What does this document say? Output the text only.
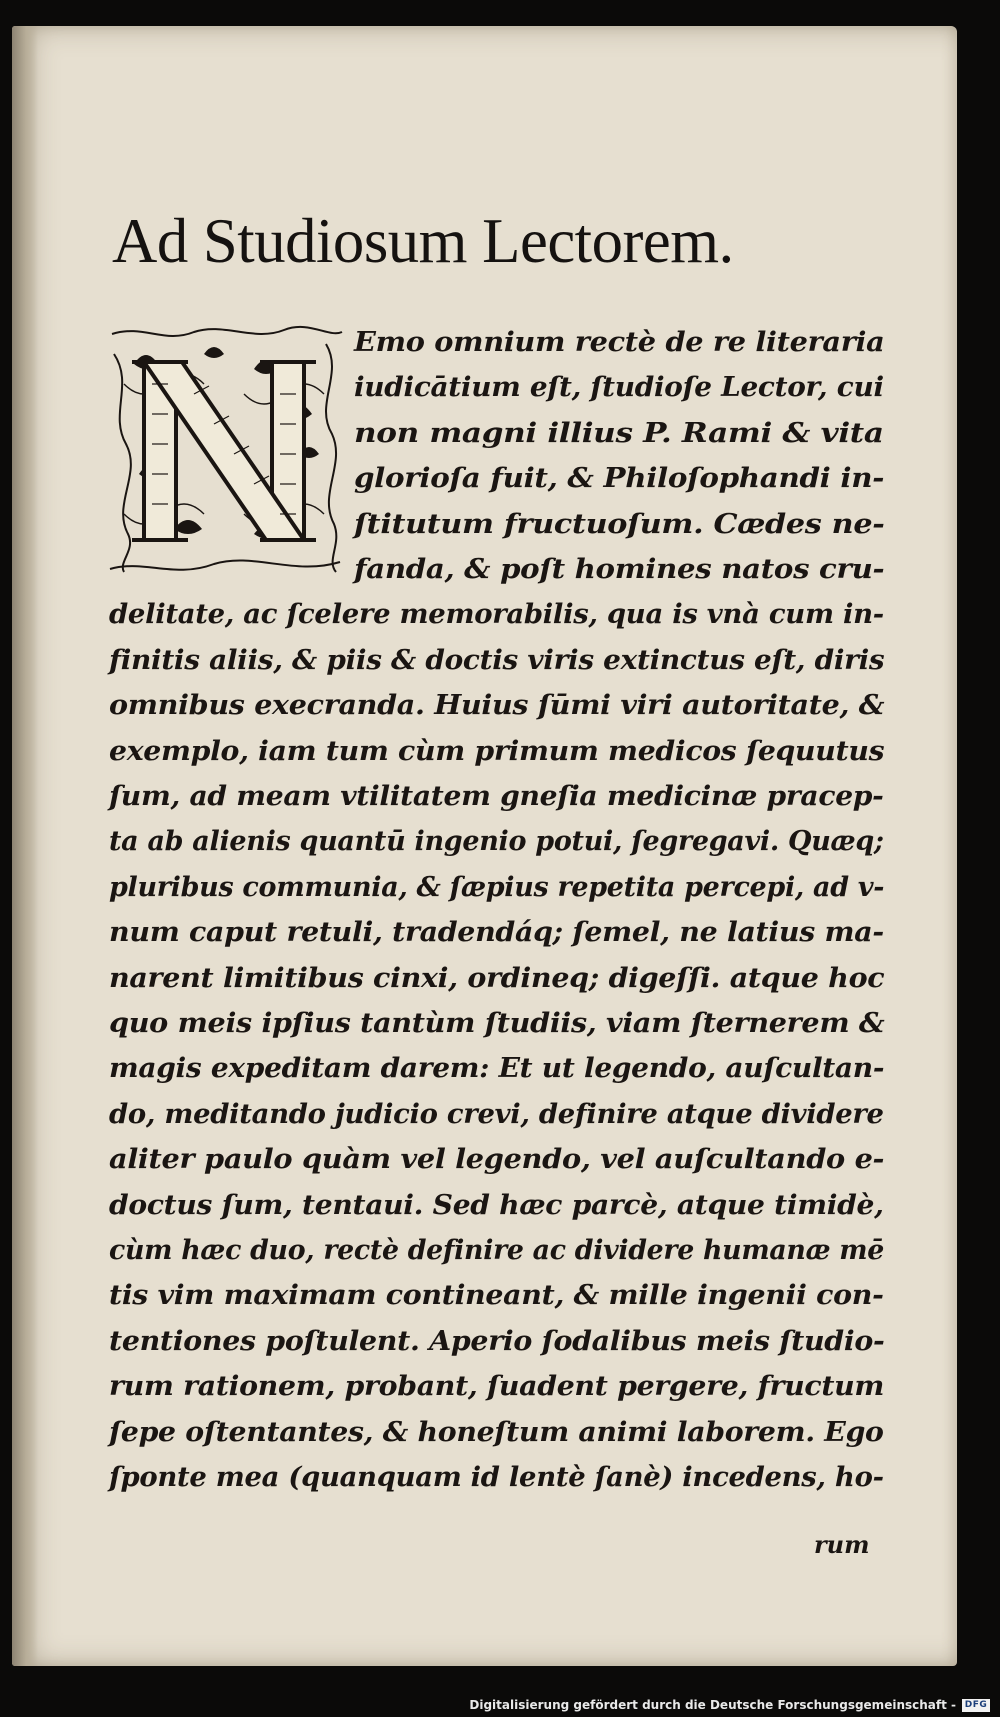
Ad Studiosum Lectorem.
Emo omnium rectè de re literaria
iudicātium eſt, ſtudioſe Lector, cui
non magni illius P. Rami & vita
glorioſa fuit, & Philoſophandi in-
ſtitutum fructuoſum. Cædes ne-
fanda, & poſt homines natos cru-
delitate, ac ſcelere memorabilis, qua is vnà cum in-
finitis aliis, & piis & doctis viris extinctus eſt, diris
omnibus execranda. Huius ſūmi viri autoritate, &
exemplo, iam tum cùm primum medicos ſequutus
ſum, ad meam vtilitatem gneſia medicinæ pracep-
ta ab alienis quantū ingenio potui, ſegregavi. Quæq;
pluribus communia, & ſæpius repetita percepi, ad v-
num caput retuli, tradendáq; ſemel, ne latius ma-
narent limitibus cinxi, ordineq; digeſſi. atque hoc
quo meis ipſius tantùm ſtudiis, viam ſternerem &
magis expeditam darem: Et ut legendo, auſcultan-
do, meditando judicio crevi, definire atque dividere
aliter paulo quàm vel legendo, vel auſcultando e-
doctus ſum, tentaui. Sed hæc parcè, atque timidè,
cùm hæc duo, rectè definire ac dividere humanæ mē
tis vim maximam contineant, & mille ingenii con-
tentiones poſtulent. Aperio ſodalibus meis ſtudio-
rum rationem, probant, ſuadent pergere, fructum
ſepe oſtentantes, & honeſtum animi laborem. Ego
ſponte mea (quanquam id lentè ſanè) incedens, ho-
rum
Digitalisierung gefördert durch die Deutsche Forschungsgemeinschaft - DFG
